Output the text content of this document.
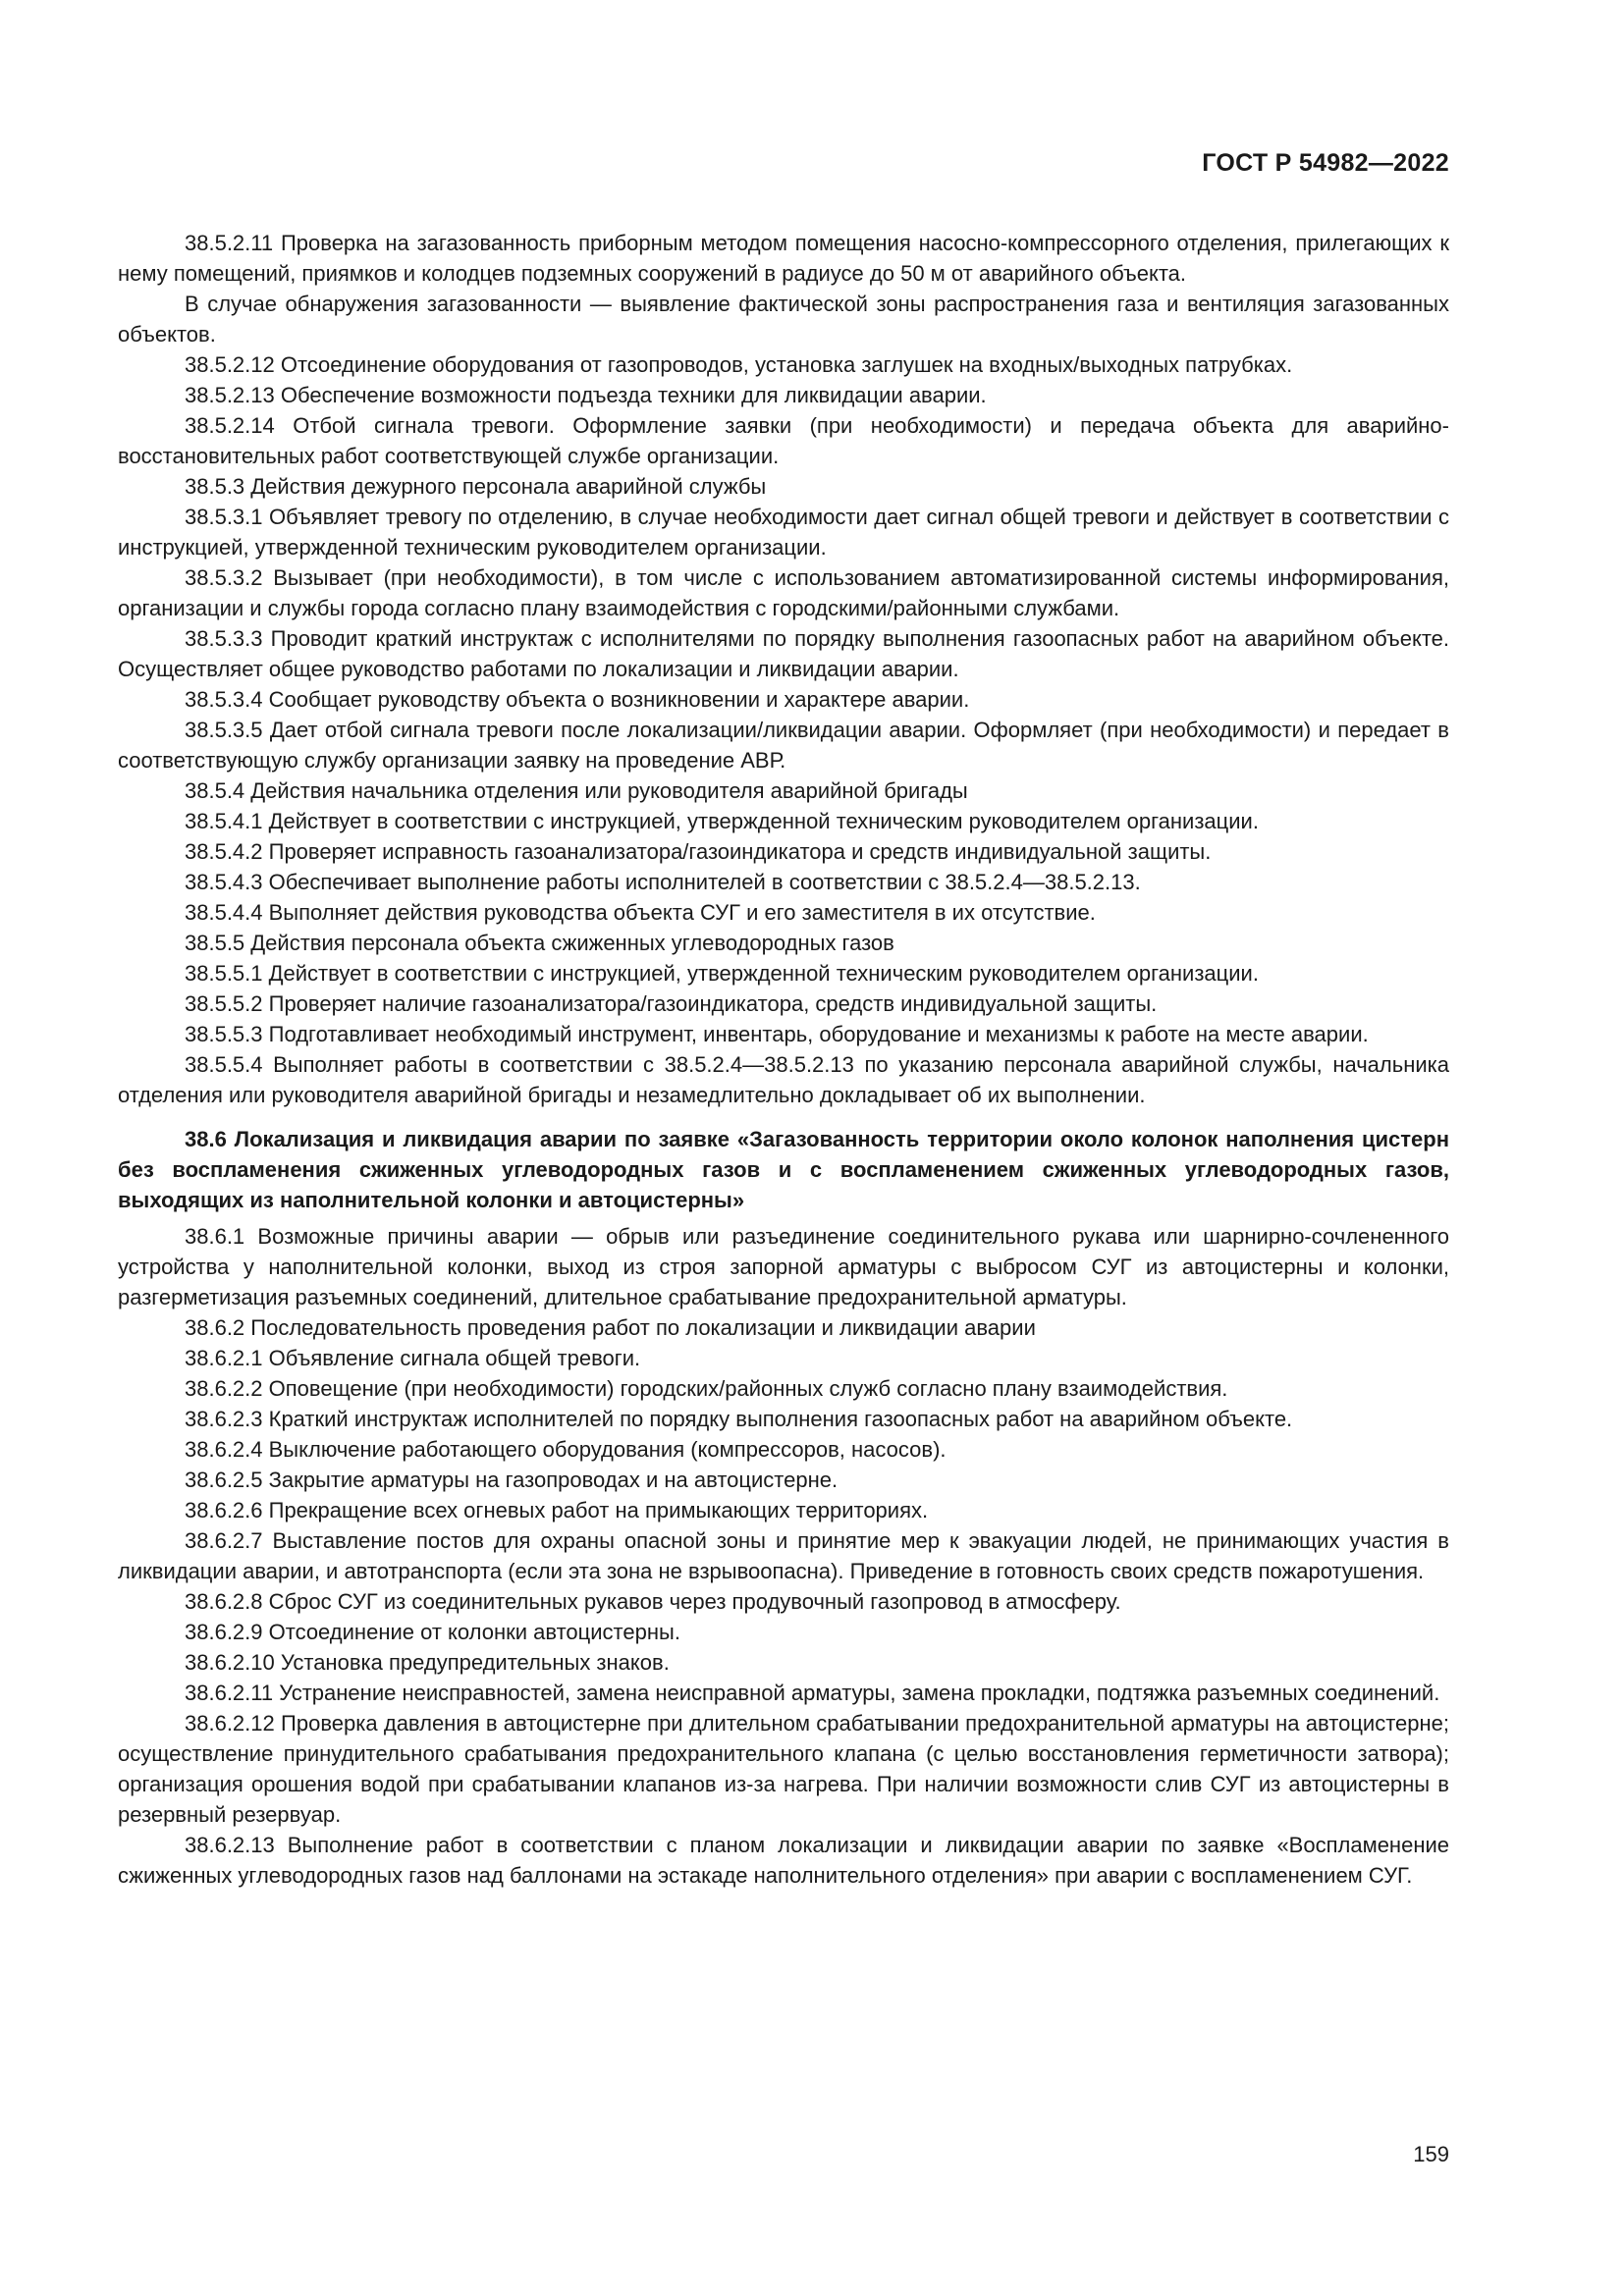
ГОСТ Р 54982—2022

38.5.2.11 Проверка на загазованность приборным методом помещения насосно-компрессорного отделения, прилегающих к нему помещений, приямков и колодцев подземных сооружений в радиусе до 50 м от аварийного объекта.

В случае обнаружения загазованности — выявление фактической зоны распространения газа и вентиляция загазованных объектов.

38.5.2.12 Отсоединение оборудования от газопроводов, установка заглушек на входных/выходных патрубках.

38.5.2.13 Обеспечение возможности подъезда техники для ликвидации аварии.

38.5.2.14 Отбой сигнала тревоги. Оформление заявки (при необходимости) и передача объекта для аварийно-восстановительных работ соответствующей службе организации.

38.5.3 Действия дежурного персонала аварийной службы

38.5.3.1 Объявляет тревогу по отделению, в случае необходимости дает сигнал общей тревоги и действует в соответствии с инструкцией, утвержденной техническим руководителем организации.

38.5.3.2 Вызывает (при необходимости), в том числе с использованием автоматизированной системы информирования, организации и службы города согласно плану взаимодействия с городскими/районными службами.

38.5.3.3 Проводит краткий инструктаж с исполнителями по порядку выполнения газоопасных работ на аварийном объекте. Осуществляет общее руководство работами по локализации и ликвидации аварии.

38.5.3.4 Сообщает руководству объекта о возникновении и характере аварии.

38.5.3.5 Дает отбой сигнала тревоги после локализации/ликвидации аварии. Оформляет (при необходимости) и передает в соответствующую службу организации заявку на проведение АВР.

38.5.4 Действия начальника отделения или руководителя аварийной бригады

38.5.4.1 Действует в соответствии с инструкцией, утвержденной техническим руководителем организации.

38.5.4.2 Проверяет исправность газоанализатора/газоиндикатора и средств индивидуальной защиты.

38.5.4.3 Обеспечивает выполнение работы исполнителей в соответствии с 38.5.2.4—38.5.2.13.

38.5.4.4 Выполняет действия руководства объекта СУГ и его заместителя в их отсутствие.

38.5.5 Действия персонала объекта сжиженных углеводородных газов

38.5.5.1 Действует в соответствии с инструкцией, утвержденной техническим руководителем организации.

38.5.5.2 Проверяет наличие газоанализатора/газоиндикатора, средств индивидуальной защиты.

38.5.5.3 Подготавливает необходимый инструмент, инвентарь, оборудование и механизмы к работе на месте аварии.

38.5.5.4 Выполняет работы в соответствии с 38.5.2.4—38.5.2.13 по указанию персонала аварийной службы, начальника отделения или руководителя аварийной бригады и незамедлительно докладывает об их выполнении.

38.6 Локализация и ликвидация аварии по заявке «Загазованность территории около колонок наполнения цистерн без воспламенения сжиженных углеводородных газов и с воспламенением сжиженных углеводородных газов, выходящих из наполнительной колонки и автоцистерны»

38.6.1 Возможные причины аварии — обрыв или разъединение соединительного рукава или шарнирно-сочлененного устройства у наполнительной колонки, выход из строя запорной арматуры с выбросом СУГ из автоцистерны и колонки, разгерметизация разъемных соединений, длительное срабатывание предохранительной арматуры.

38.6.2 Последовательность проведения работ по локализации и ликвидации аварии

38.6.2.1 Объявление сигнала общей тревоги.

38.6.2.2 Оповещение (при необходимости) городских/районных служб согласно плану взаимодействия.

38.6.2.3 Краткий инструктаж исполнителей по порядку выполнения газоопасных работ на аварийном объекте.

38.6.2.4 Выключение работающего оборудования (компрессоров, насосов).

38.6.2.5 Закрытие арматуры на газопроводах и на автоцистерне.

38.6.2.6 Прекращение всех огневых работ на примыкающих территориях.

38.6.2.7 Выставление постов для охраны опасной зоны и принятие мер к эвакуации людей, не принимающих участия в ликвидации аварии, и автотранспорта (если эта зона не взрывоопасна). Приведение в готовность своих средств пожаротушения.

38.6.2.8 Сброс СУГ из соединительных рукавов через продувочный газопровод в атмосферу.

38.6.2.9 Отсоединение от колонки автоцистерны.

38.6.2.10 Установка предупредительных знаков.

38.6.2.11 Устранение неисправностей, замена неисправной арматуры, замена прокладки, подтяжка разъемных соединений.

38.6.2.12 Проверка давления в автоцистерне при длительном срабатывании предохранительной арматуры на автоцистерне; осуществление принудительного срабатывания предохранительного клапана (с целью восстановления герметичности затвора); организация орошения водой при срабатывании клапанов из-за нагрева. При наличии возможности слив СУГ из автоцистерны в резервный резервуар.

38.6.2.13 Выполнение работ в соответствии с планом локализации и ликвидации аварии по заявке «Воспламенение сжиженных углеводородных газов над баллонами на эстакаде наполнительного отделения» при аварии с воспламенением СУГ.

159
